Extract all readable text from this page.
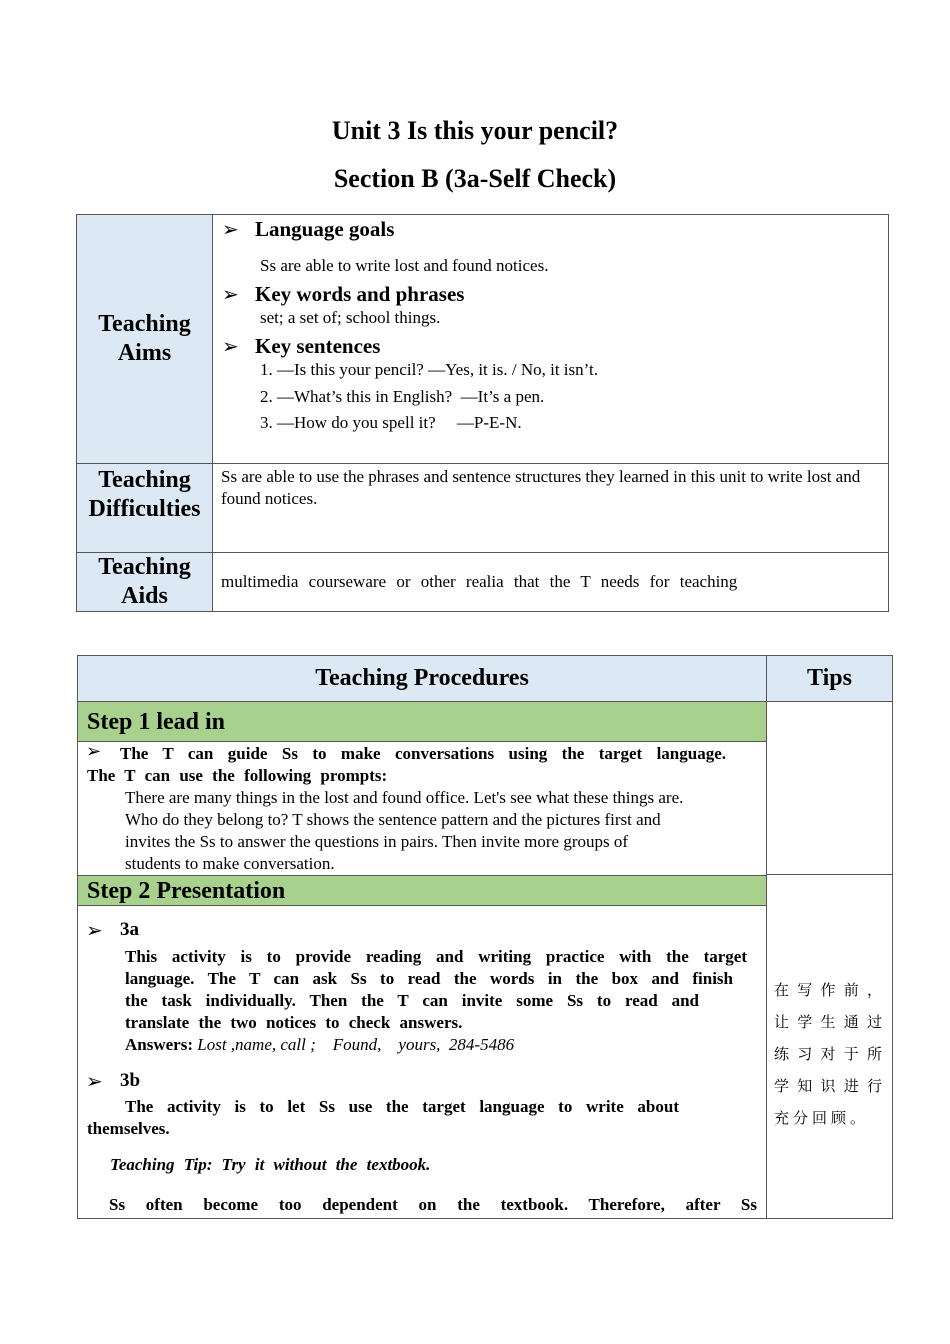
Unit 3 Is this your pencil?
Section B (3a-Self Check)
Teaching Aims
➢ Language goals
Ss are able to write lost and found notices.
➢ Key words and phrases
set; a set of; school things.
➢ Key sentences
1. —Is this your pencil? —Yes, it is. / No, it isn’t.
2. —What’s this in English?  —It’s a pen.
3. —How do you spell it?     —P-E-N.
Teaching Difficulties
Ss are able to use the phrases and sentence structures they learned in this unit to write lost and found notices.
Teaching Aids
multimedia courseware or other realia that the T needs for teaching
Teaching Procedures	Tips
Step 1 lead in
➢ The T can guide Ss to make conversations using the target language.
The T can use the following prompts:
There are many things in the lost and found office. Let's see what these things are.
Who do they belong to? T shows the sentence pattern and the pictures first and
invites the Ss to answer the questions in pairs. Then invite more groups of
students to make conversation.
Step 2 Presentation
➢ 3a
This activity is to provide reading and writing practice with the target
language. The T can ask Ss to read the words in the box and finish
the task individually. Then the T can invite some Ss to read and
translate the two notices to check answers.
Answers: Lost ,name, call ;    Found,    yours,  284-5486
➢ 3b
The activity is to let Ss use the target language to write about
themselves.
Teaching Tip: Try it without the textbook.
Ss often become too dependent on the textbook. Therefore, after Ss
在写作前，让学生通过练习对于所学知识进行充分回顾。
